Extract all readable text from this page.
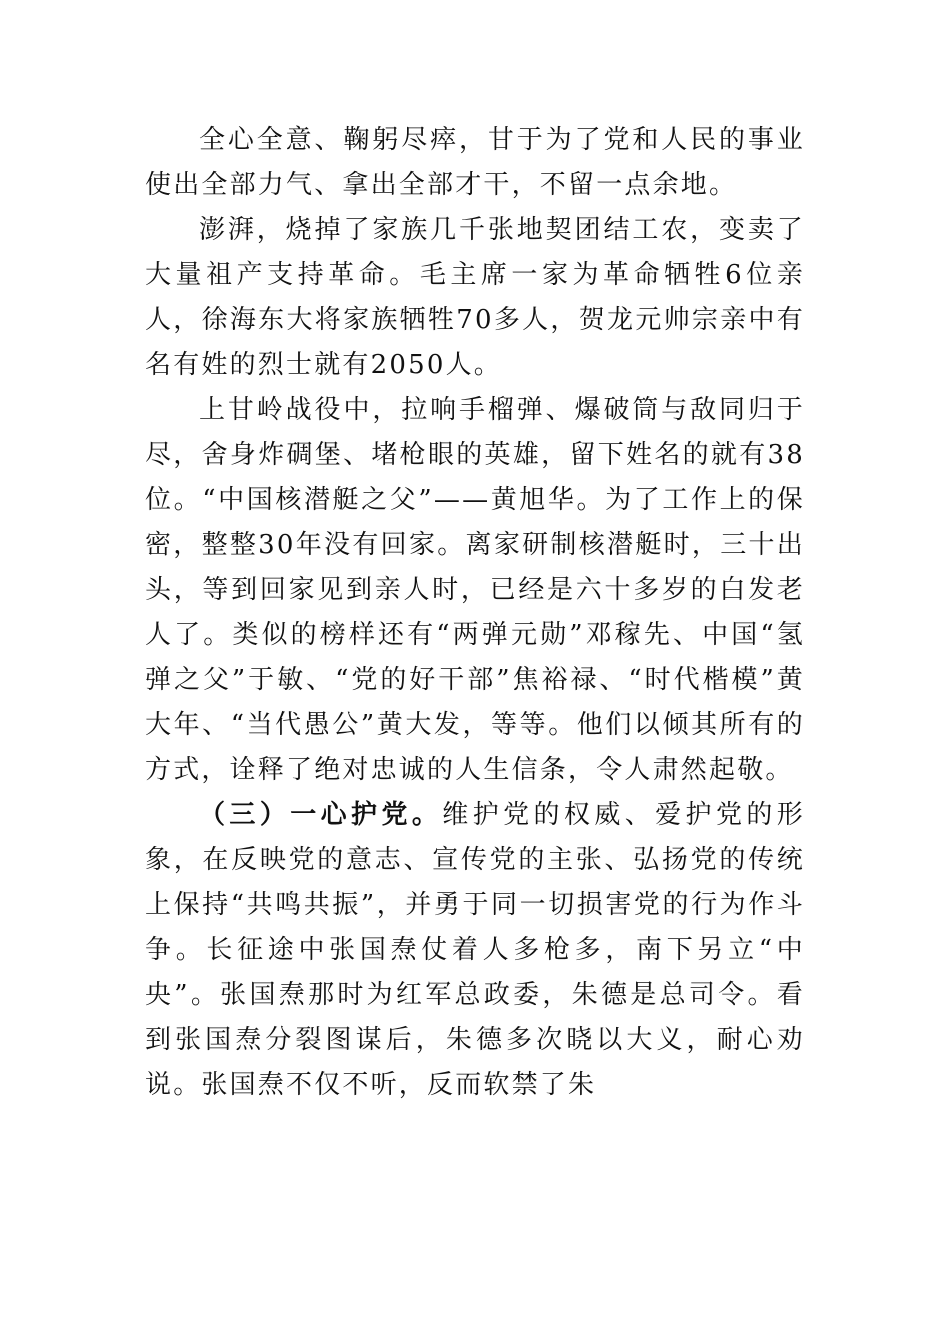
全心全意、鞠躬尽瘁，甘于为了党和人民的事业使出全部力气、拿出全部才干，不留一点余地。

澎湃，烧掉了家族几千张地契团结工农，变卖了大量祖产支持革命。毛主席一家为革命牺牲6位亲人，徐海东大将家族牺牲70多人，贺龙元帅宗亲中有名有姓的烈士就有2050人。

上甘岭战役中，拉响手榴弹、爆破筒与敌同归于尽，舍身炸碉堡、堵枪眼的英雄，留下姓名的就有38位。“中国核潜艇之父”——黄旭华。为了工作上的保密，整整30年没有回家。离家研制核潜艇时，三十出头，等到回家见到亲人时，已经是六十多岁的白发老人了。类似的榜样还有“两弹元勋”邓稼先、中国“氢弹之父”于敏、“党的好干部”焦裕禄、“时代楷模”黄大年、“当代愚公”黄大发，等等。他们以倾其所有的方式，诠释了绝对忠诚的人生信条，令人肃然起敬。

（三）一心护党。维护党的权威、爱护党的形象，在反映党的意志、宣传党的主张、弘扬党的传统上保持“共鸣共振”，并勇于同一切损害党的行为作斗争。长征途中张国焘仗着人多枪多，南下另立“中央”。张国焘那时为红军总政委，朱德是总司令。看到张国焘分裂图谋后，朱德多次晓以大义，耐心劝说。张国焘不仅不听，反而软禁了朱
